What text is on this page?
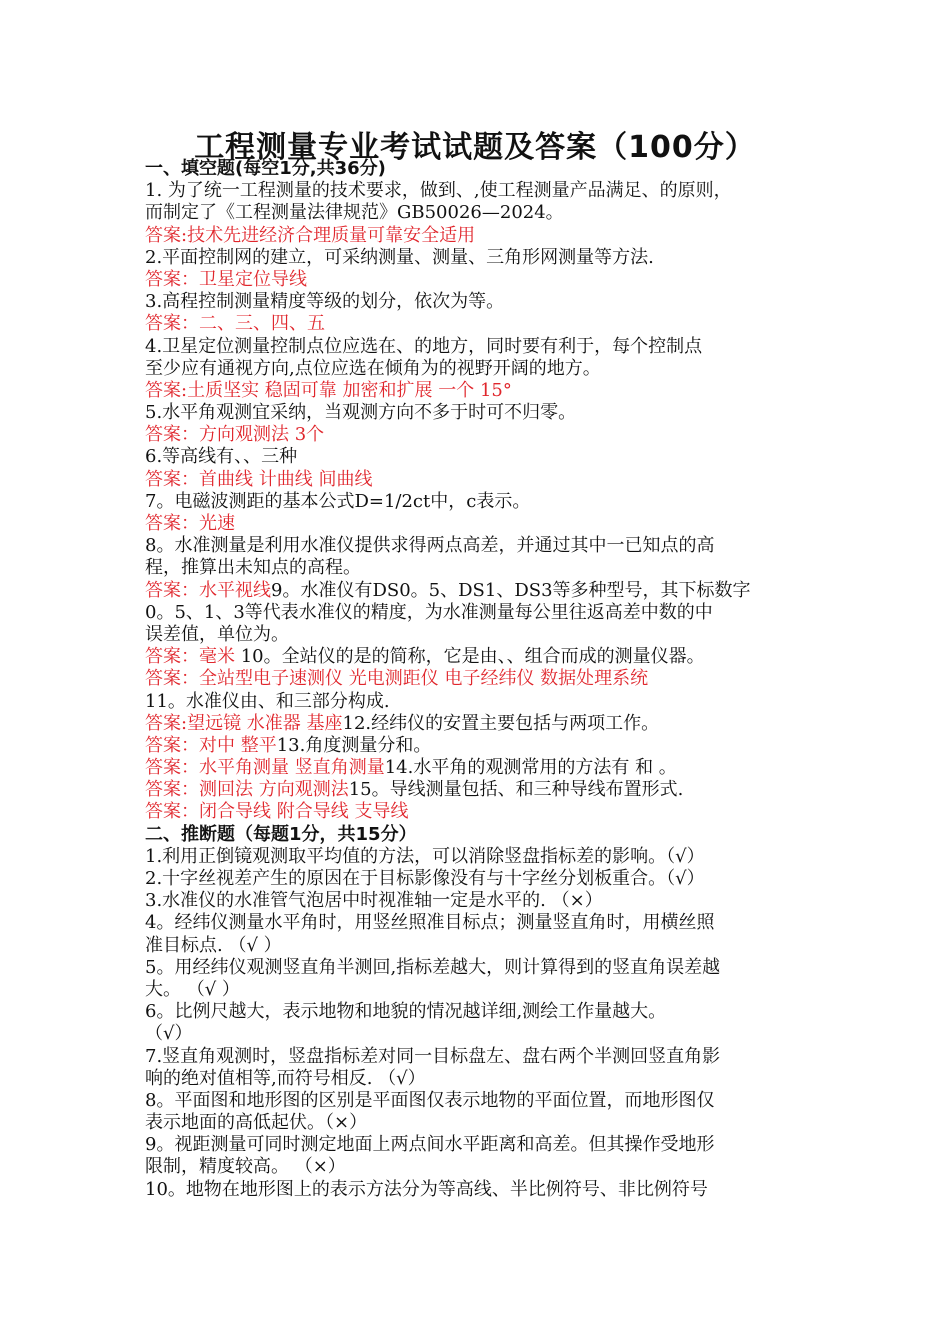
工程测量专业考试试题及答案（100分）
一、填空题(每空1分,共36分)
1. 为了统一工程测量的技术要求，做到、,使工程测量产品满足、的原则，
而制定了《工程测量法律规范》GB50026—2024。
答案:技术先进经济合理质量可靠安全适用
2.平面控制网的建立，可采纳测量、测量、三角形网测量等方法.
答案：卫星定位导线
3.高程控制测量精度等级的划分，依次为等。
答案：二、三、四、五
4.卫星定位测量控制点位应选在、的地方，同时要有利于，每个控制点
至少应有通视方向,点位应选在倾角为的视野开阔的地方。
答案:土质坚实 稳固可靠 加密和扩展 一个 15°
5.水平角观测宜采纳，当观测方向不多于时可不归零。
答案：方向观测法 3个
6.等高线有、、三种
答案：首曲线 计曲线 间曲线
7。电磁波测距的基本公式D=1/2ct中，c表示。
答案：光速
8。水准测量是利用水准仪提供求得两点高差，并通过其中一已知点的高
程，推算出未知点的高程。
答案：水平视线9。水准仪有DS0。5、DS1、DS3等多种型号，其下标数字
0。5、1、3等代表水准仪的精度，为水准测量每公里往返高差中数的中
误差值，单位为。
答案：毫米 10。全站仪的是的简称，它是由、、组合而成的测量仪器。
答案：全站型电子速测仪 光电测距仪 电子经纬仪 数据处理系统
11。水准仪由、和三部分构成.
答案:望远镜 水准器 基座12.经纬仪的安置主要包括与两项工作。
答案：对中 整平13.角度测量分和。
答案：水平角测量 竖直角测量14.水平角的观测常用的方法有 和 。
答案：测回法 方向观测法15。导线测量包括、和三种导线布置形式.
答案：闭合导线 附合导线 支导线
二、推断题（每题1分，共15分）
1.利用正倒镜观测取平均值的方法，可以消除竖盘指标差的影响。（√）
2.十字丝视差产生的原因在于目标影像没有与十字丝分划板重合。（√）
3.水准仪的水准管气泡居中时视准轴一定是水平的. （×）
4。经纬仪测量水平角时，用竖丝照准目标点；测量竖直角时，用横丝照
准目标点. （√ ）
5。用经纬仪观测竖直角半测回,指标差越大，则计算得到的竖直角误差越
大。 （√ ）
6。比例尺越大，表示地物和地貌的情况越详细,测绘工作量越大。
（√）
7.竖直角观测时，竖盘指标差对同一目标盘左、盘右两个半测回竖直角影
响的绝对值相等,而符号相反. （√）
8。平面图和地形图的区别是平面图仅表示地物的平面位置，而地形图仅
表示地面的高低起伏。（×）
9。视距测量可同时测定地面上两点间水平距离和高差。但其操作受地形
限制，精度较高。 （×）
10。地物在地形图上的表示方法分为等高线、半比例符号、非比例符号
